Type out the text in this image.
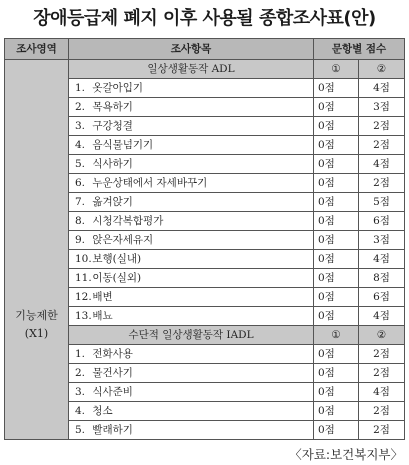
장애등급제 폐지 이후 사용될 종합조사표(안)
조사영역	조사항목	문항별 점수	
기능제한
(X1)	일상생활동작 ADL	①	②
	1. 옷갈아입기	0점	4점
	2. 목욕하기	0점	3점
	3. 구강청결	0점	2점
	4. 음식물넘기기	0점	2점
	5. 식사하기	0점	4점
	6. 누운상태에서 자세바꾸기	0점	2점
	7. 옮겨앉기	0점	5점
	8. 시청각복합평가	0점	6점
	9. 앉은자세유지	0점	3점
	10. 보행(실내)	0점	4점
	11. 이동(실외)	0점	8점
	12. 배변	0점	6점
	13. 배뇨	0점	4점
	수단적 일상생활동작 IADL	①	②
	1. 전화사용	0점	2점
	2. 물건사기	0점	2점
	3. 식사준비	0점	4점
	4. 청소	0점	2점
	5. 빨래하기	0점	2점
〈자료:보건복지부〉
